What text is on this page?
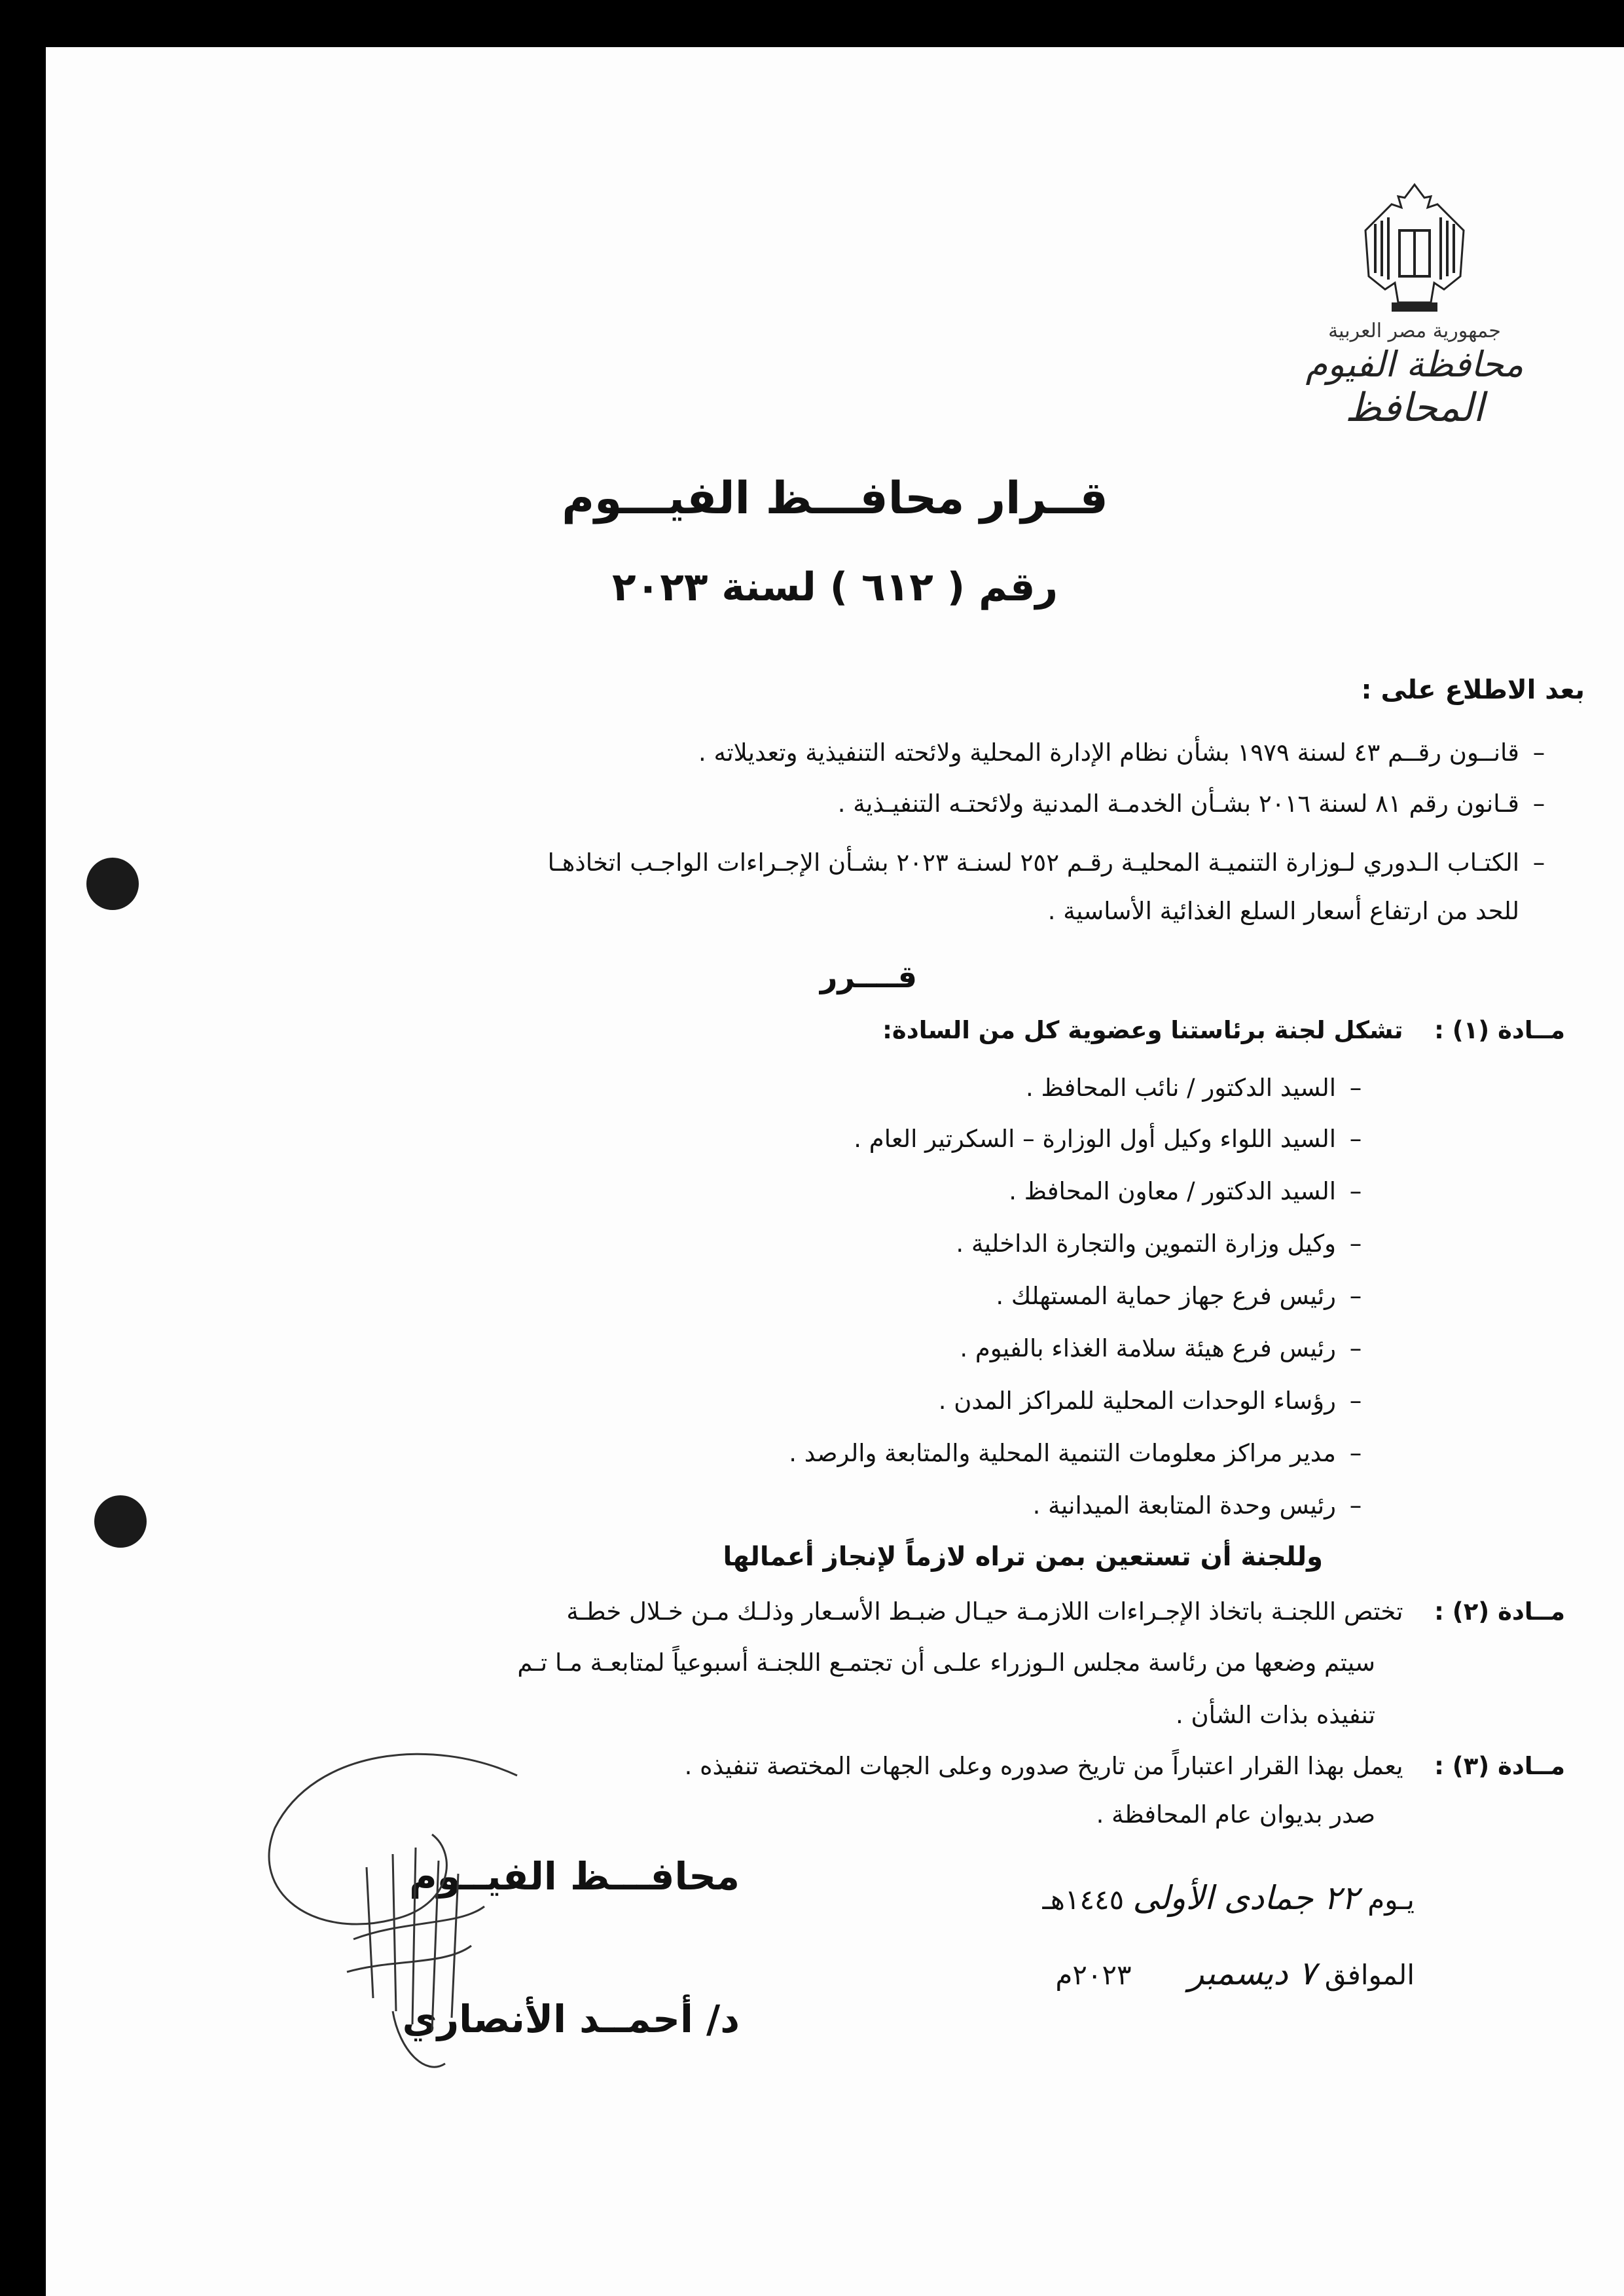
جمهورية مصر العربية
محافظة الفيوم
المحافظ
قــرار محافـــظ الفيـــوم
رقم ( ٦١٢ ) لسنة ٢٠٢٣
بعد الاطلاع على :
–قانــون رقــم ٤٣ لسنة ١٩٧٩ بشأن نظام الإدارة المحلية ولائحته التنفيذية وتعديلاته .
–قـانون رقم ٨١ لسنة ٢٠١٦ بشـأن الخدمـة المدنية ولائحتـه التنفيـذية .
–الكتـاب الـدوري لـوزارة التنميـة المحليـة رقـم ٢٥٢ لسنـة ٢٠٢٣ بشـأن الإجـراءات الواجـب اتخاذهـا
للحد من ارتفاع أسعار السلع الغذائية الأساسية .
قــــرر
مــادة (١) :  تشكل لجنة برئاستنا وعضوية كل من السادة:
–السيد الدكتور / نائب المحافظ .
–السيد اللواء وكيل أول الوزارة – السكرتير العام .
–السيد الدكتور / معاون المحافظ .
–وكيل وزارة التموين والتجارة الداخلية .
–رئيس فرع جهاز حماية المستهلك .
–رئيس فرع هيئة سلامة الغذاء بالفيوم .
–رؤساء الوحدات المحلية للمراكز المدن .
–مدير مراكز معلومات التنمية المحلية والمتابعة والرصد .
–رئيس وحدة المتابعة الميدانية .
وللجنة أن تستعين بمن تراه لازماً لإنجاز أعمالها
مــادة (٢) :  تختص اللجنـة باتخاذ الإجـراءات اللازمـة حيـال ضبـط الأسـعار وذلـك مـن خـلال خطـة
سيتم وضعها من رئاسة مجلس الـوزراء علـى أن تجتمـع اللجنـة أسبوعياً لمتابعـة مـا تـم
تنفيذه بذات الشأن .
مــادة (٣) :  يعمل بهذا القرار اعتباراً من تاريخ صدوره وعلى الجهات المختصة تنفيذه .
صدر بديوان عام المحافظة .
يـوم ٢٢ جمادى الأولى ١٤٤٥هـ
الموافق ٧ ديسمبر  ٢٠٢٣م
محافـــظ الفيــوم
د/ أحمــد الأنصاري
